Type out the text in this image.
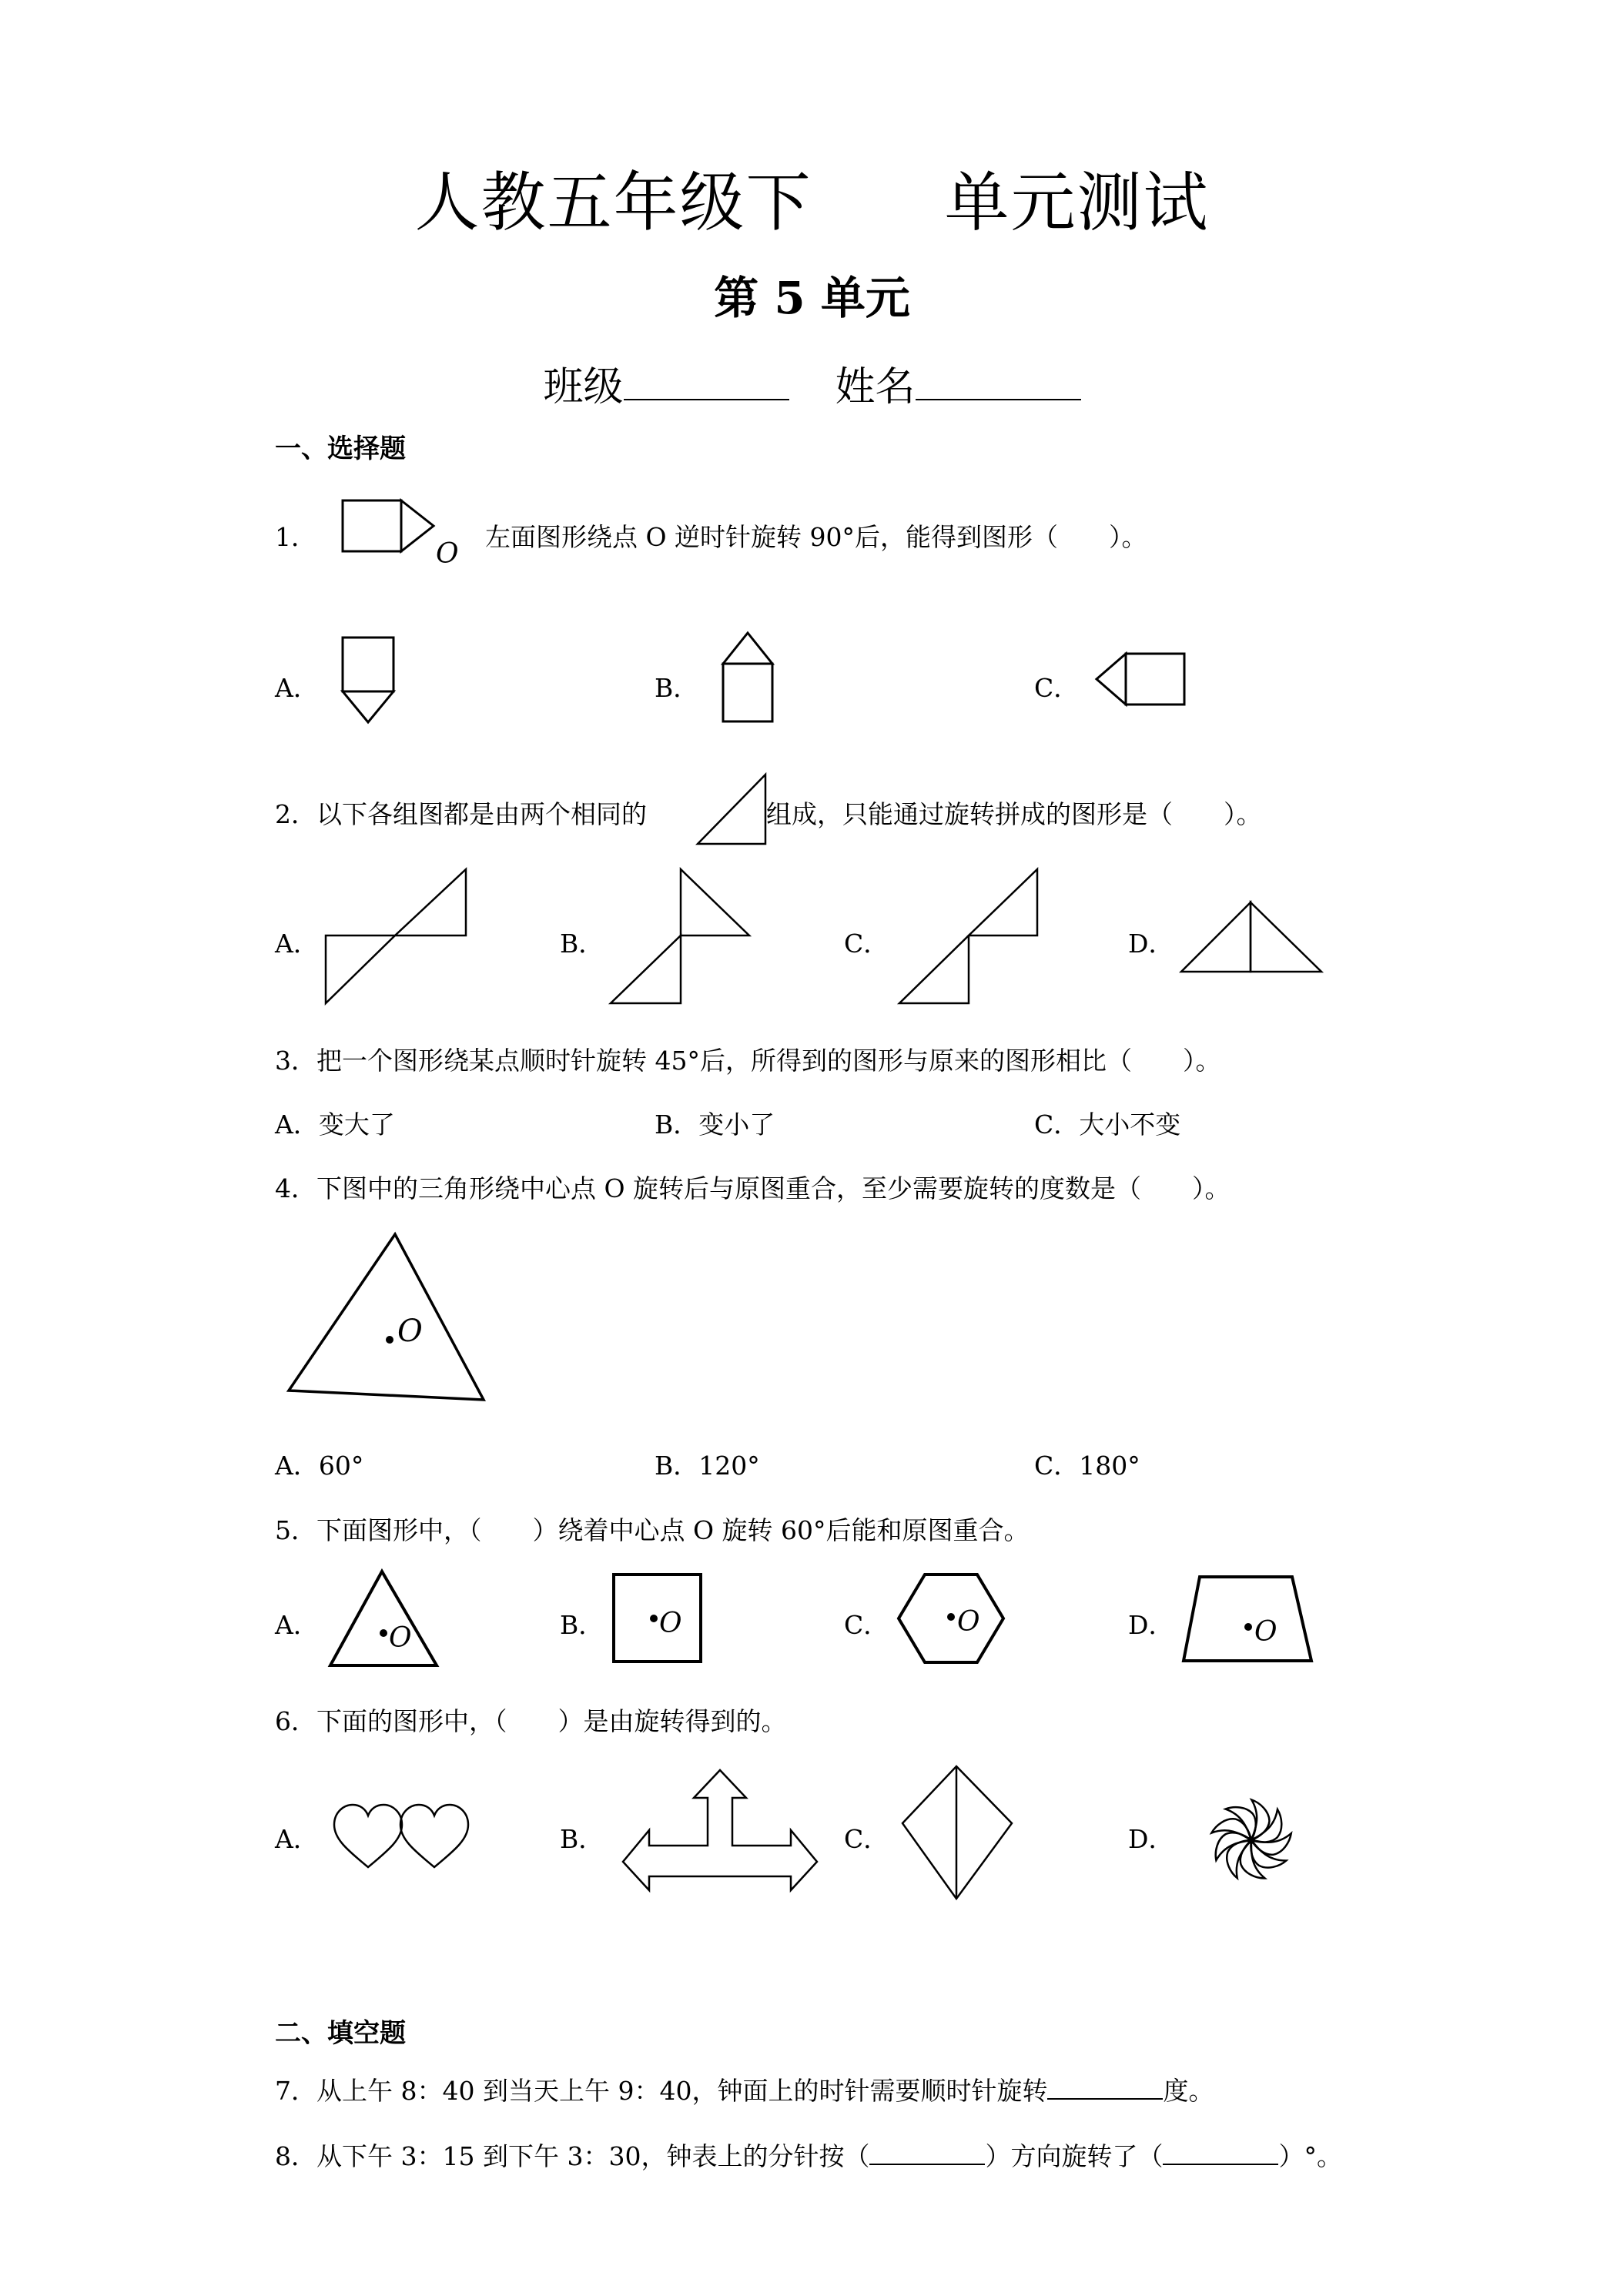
人教五年级下　　单元测试
第 5 单元
班级	姓名
一、选择题
1．
O
左面图形绕点 O 逆时针旋转 90°后，能得到图形（　　）。
A．	B．	C．
2．以下各组图都是由两个相同的	组成，只能通过旋转拼成的图形是（　　）。
A．	B．	C．	D．
3．把一个图形绕某点顺时针旋转 45°后，所得到的图形与原来的图形相比（　　）。
A．变大了	B．变小了	C．大小不变
4．下图中的三角形绕中心点 O 旋转后与原图重合，至少需要旋转的度数是（　　）。
O
A．60°	B．120°	C．180°
5．下面图形中，（　　）绕着中心点 O 旋转 60°后能和原图重合。
A．	O	B． O	C． O	D．	O
6．下面的图形中，（　　）是由旋转得到的。
A．	B．	C．	D．
二、填空题
7．从上午 8：40 到当天上午 9：40，钟面上的时针需要顺时针旋转	度。
8．从下午 3：15 到下午 3：30，钟表上的分针按（	）方向旋转了（	）°。
